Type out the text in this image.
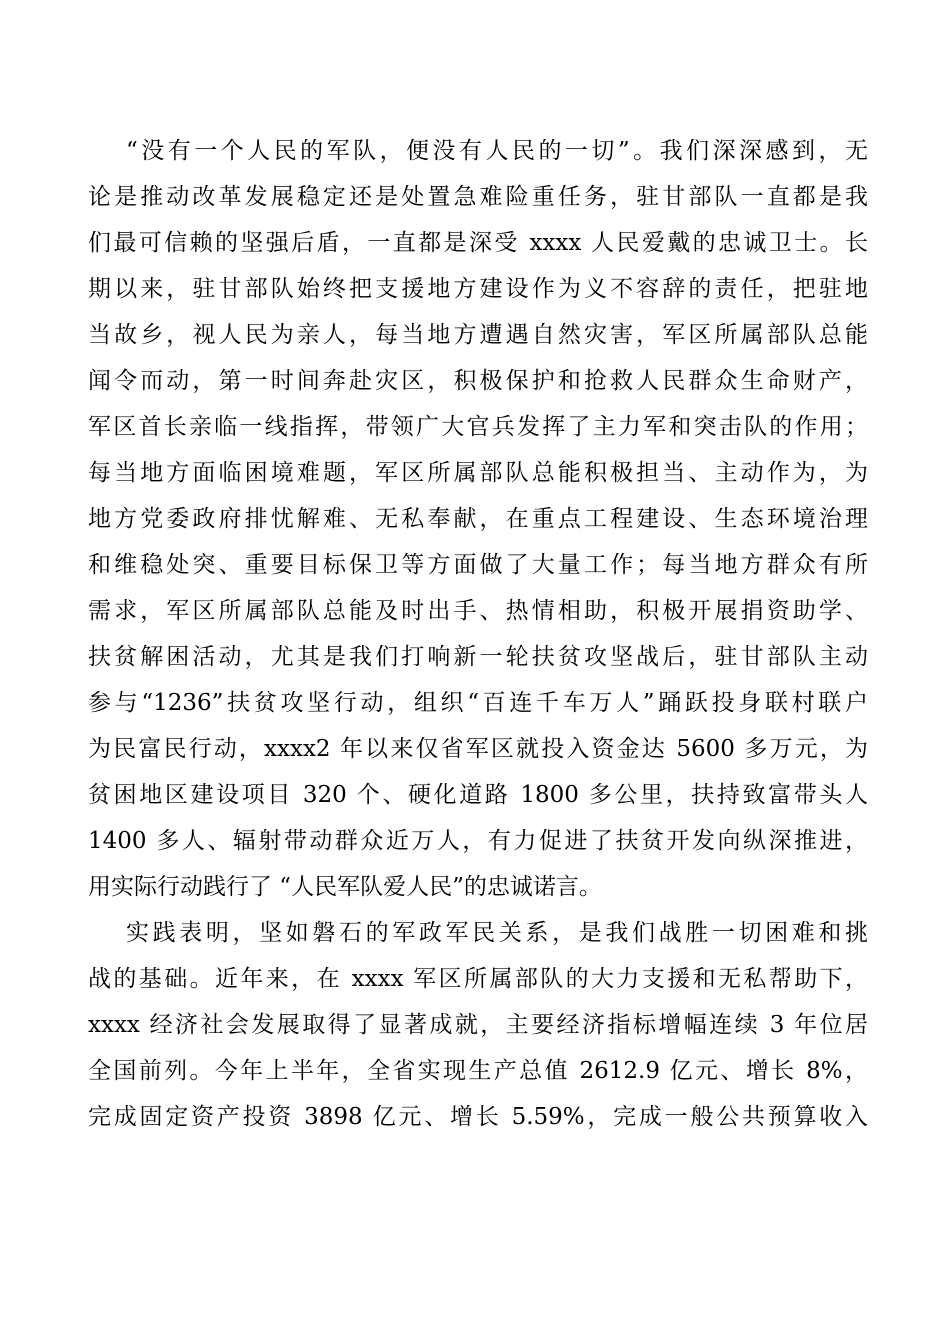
“没有一个人民的军队，便没有人民的一切”。我们深深感到，无
论是推动改革发展稳定还是处置急难险重任务，驻甘部队一直都是我
们最可信赖的坚强后盾，一直都是深受 xxxx 人民爱戴的忠诚卫士。长
期以来，驻甘部队始终把支援地方建设作为义不容辞的责任，把驻地
当故乡，视人民为亲人，每当地方遭遇自然灾害，军区所属部队总能
闻令而动，第一时间奔赴灾区，积极保护和抢救人民群众生命财产，
军区首长亲临一线指挥，带领广大官兵发挥了主力军和突击队的作用；
每当地方面临困境难题，军区所属部队总能积极担当、主动作为，为
地方党委政府排忧解难、无私奉献，在重点工程建设、生态环境治理
和维稳处突、重要目标保卫等方面做了大量工作；每当地方群众有所
需求，军区所属部队总能及时出手、热情相助，积极开展捐资助学、
扶贫解困活动，尤其是我们打响新一轮扶贫攻坚战后，驻甘部队主动
参与“1236”扶贫攻坚行动，组织“百连千车万人”踊跃投身联村联户
为民富民行动，xxxx2 年以来仅省军区就投入资金达 5600 多万元，为
贫困地区建设项目 320 个、硬化道路 1800 多公里，扶持致富带头人
1400 多人、辐射带动群众近万人，有力促进了扶贫开发向纵深推进，
用实际行动践行了 “人民军队爱人民”的忠诚诺言。
实践表明，坚如磐石的军政军民关系，是我们战胜一切困难和挑
战的基础。近年来，在 xxxx 军区所属部队的大力支援和无私帮助下，
xxxx 经济社会发展取得了显著成就，主要经济指标增幅连续 3 年位居
全国前列。今年上半年，全省实现生产总值 2612.9 亿元、增长 8%，
完成固定资产投资 3898 亿元、增长 5.59%，完成一般公共预算收入
